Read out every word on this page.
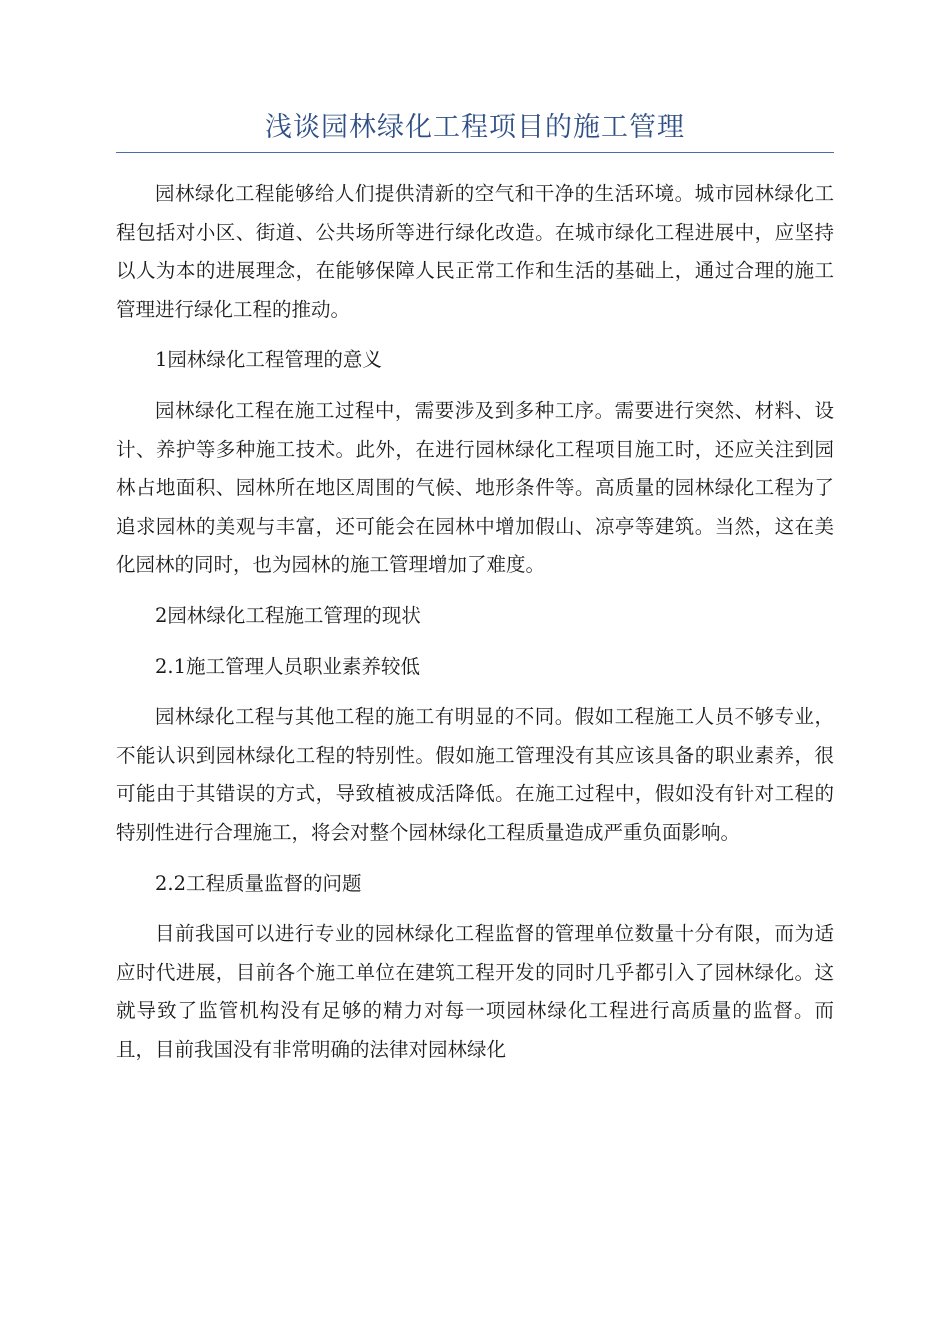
浅谈园林绿化工程项目的施工管理

园林绿化工程能够给人们提供清新的空气和干净的生活环境。城市园林绿化工程包括对小区、街道、公共场所等进行绿化改造。在城市绿化工程进展中，应坚持以人为本的进展理念，在能够保障人民正常工作和生活的基础上，通过合理的施工管理进行绿化工程的推动。

1园林绿化工程管理的意义

园林绿化工程在施工过程中，需要涉及到多种工序。需要进行突然、材料、设计、养护等多种施工技术。此外，在进行园林绿化工程项目施工时，还应关注到园林占地面积、园林所在地区周围的气候、地形条件等。高质量的园林绿化工程为了追求园林的美观与丰富，还可能会在园林中增加假山、凉亭等建筑。当然，这在美化园林的同时，也为园林的施工管理增加了难度。

2园林绿化工程施工管理的现状

2.1施工管理人员职业素养较低

园林绿化工程与其他工程的施工有明显的不同。假如工程施工人员不够专业，不能认识到园林绿化工程的特别性。假如施工管理没有其应该具备的职业素养，很可能由于其错误的方式，导致植被成活降低。在施工过程中，假如没有针对工程的特别性进行合理施工，将会对整个园林绿化工程质量造成严重负面影响。

2.2工程质量监督的问题

目前我国可以进行专业的园林绿化工程监督的管理单位数量十分有限，而为适应时代进展，目前各个施工单位在建筑工程开发的同时几乎都引入了园林绿化。这就导致了监管机构没有足够的精力对每一项园林绿化工程进行高质量的监督。而且，目前我国没有非常明确的法律对园林绿化
